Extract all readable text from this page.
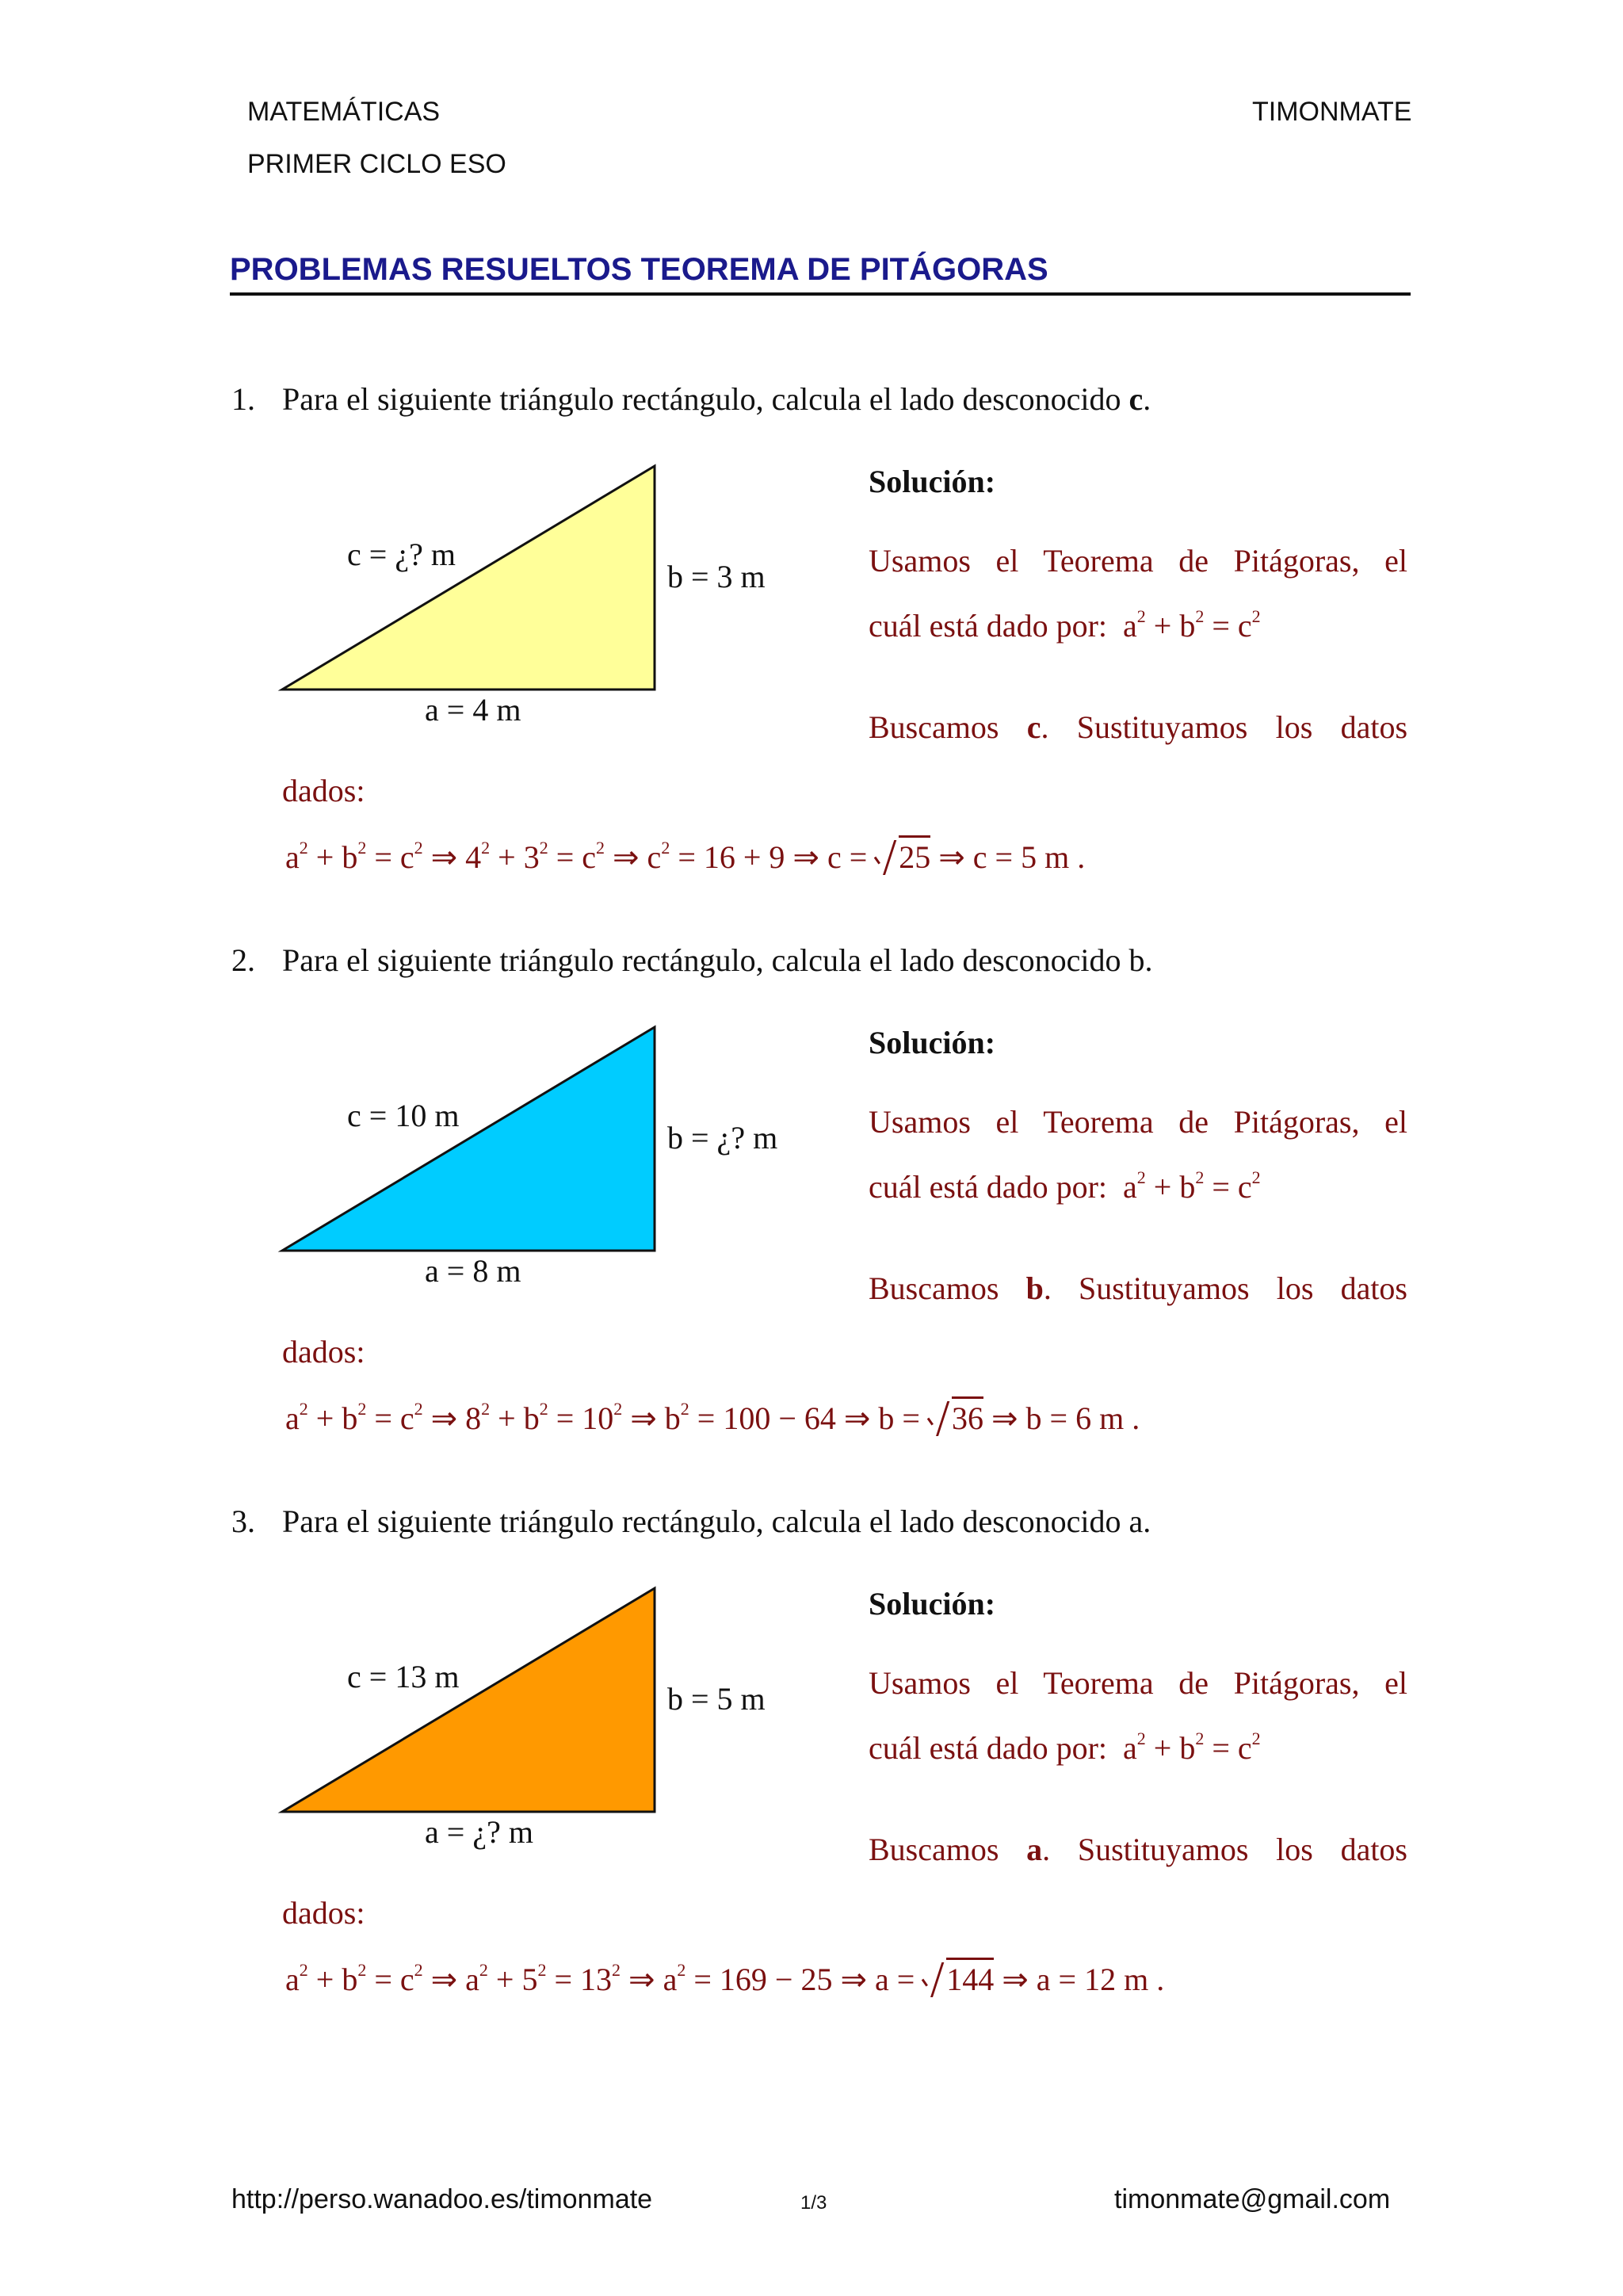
MATEMÁTICAS
PRIMER CICLO ESO
TIMONMATE
PROBLEMAS RESUELTOS TEOREMA DE PITÁGORAS
1. Para el siguiente triángulo rectángulo, calcula el lado desconocido c.
c = ¿? m
b = 3 m
a = 4 m
Solución:
Usamos el Teorema de Pitágoras, el
cuál está dado por: $a^2 + b^2 = c^2$
Buscamos c. Sustituyamos los datos
dados:
$a^2 + b^2 = c^2$ ⇒ $4^2 + 3^2 = c^2$ ⇒ $c^2 = 16 + 9$ ⇒ c = 25 ⇒ c = 5 m .
2. Para el siguiente triángulo rectángulo, calcula el lado desconocido b.
c = 10 m
b = ¿? m
a = 8 m
Solución:
Usamos el Teorema de Pitágoras, el
cuál está dado por: $a^2 + b^2 = c^2$
Buscamos b. Sustituyamos los datos
dados:
$a^2 + b^2 = c^2$ ⇒ $8^2 + b^2 = 10^2$ ⇒ $b^2 = 100 - 64$ ⇒ b = 36 ⇒ b = 6 m .
3. Para el siguiente triángulo rectángulo, calcula el lado desconocido a.
c = 13 m
b = 5 m
a = ¿? m
Solución:
Usamos el Teorema de Pitágoras, el
cuál está dado por: $a^2 + b^2 = c^2$
Buscamos a. Sustituyamos los datos
dados:
$a^2 + b^2 = c^2$ ⇒ $a^2 + 5^2 = 13^2$ ⇒ $a^2 = 169 - 25$ ⇒ a = 144 ⇒ a = 12 m .
http://perso.wanadoo.es/timonmate	1/3	timonmate@gmail.com
